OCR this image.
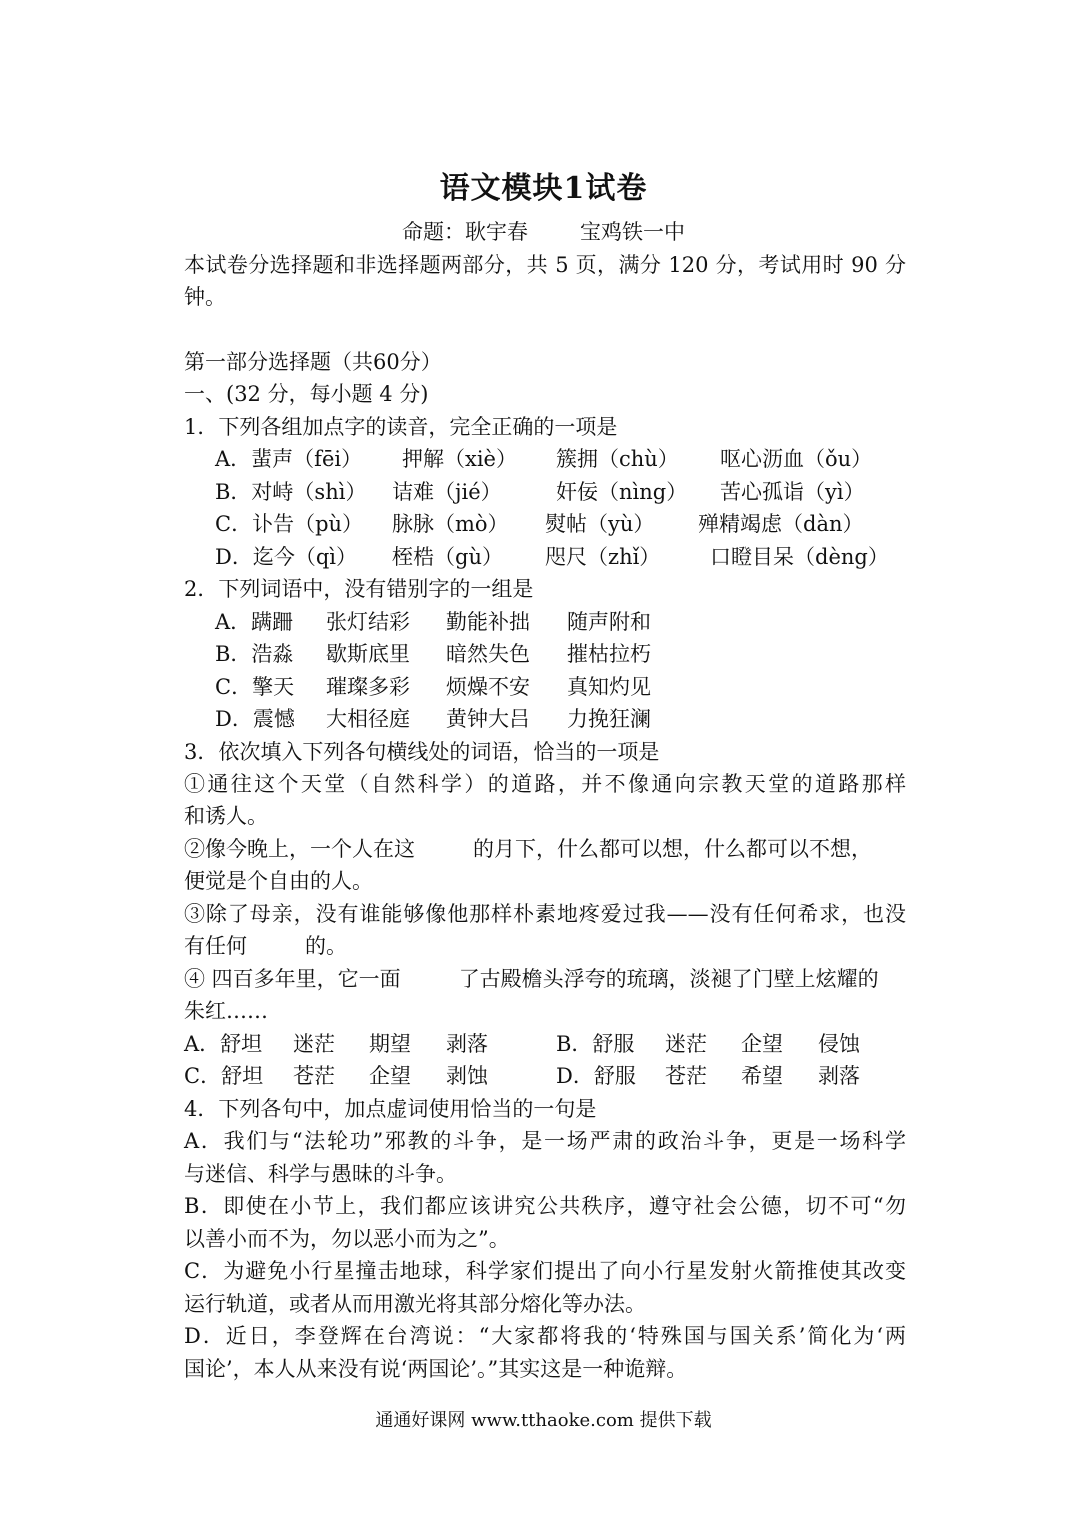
语文模块1试卷
命题：耿宇春 宝鸡铁一中
本试卷分选择题和非选择题两部分，共 5 页，满分 120 分，考试用时 90 分
钟。
第一部分选择题（共60分）
一、(32 分，每小题 4 分)
1．下列各组加点字的读音，完全正确的一项是
A．蜚声（fēi） 押解（xiè） 簇拥（chù） 呕心沥血（ǒu）
B．对峙（shì） 诘难（jié）	奸佞（nìng） 苦心孤诣（yì）
C．讣告（pù） 脉脉（mò） 熨帖（yù） 殚精竭虑（dàn）
D．迄今（qì） 桎梏（gù） 咫尺（zhǐ） 口瞪目呆（dèng）
2．下列词语中，没有错别字的一组是
A．蹒跚 张灯结彩 勤能补拙 随声附和
B．浩淼 歇斯底里 暗然失色 摧枯拉朽
C．擎天 璀璨多彩 烦燥不安 真知灼见
D．震憾 大相径庭 黄钟大吕 力挽狂澜
3．依次填入下列各句横线处的词语，恰当的一项是
①通往这个天堂（自然科学）的道路，并不像通向宗教天堂的道路那样
和诱人。
②像今晚上，一个人在这	的月下，什么都可以想，什么都可以不想，
便觉是个自由的人。
③除了母亲，没有谁能够像他那样朴素地疼爱过我——没有任何希求，也没
有任何	的。
④ 四百多年里，它一面	了古殿檐头浮夸的琉璃，淡褪了门壁上炫耀的
朱红……
A．舒坦 迷茫 期望 剥落	B．舒服 迷茫 企望 侵蚀
C．舒坦 苍茫 企望 剥蚀	D．舒服 苍茫 希望 剥落
4．下列各句中，加点虚词使用恰当的一句是
A．我们与“法轮功”邪教的斗争，是一场严肃的政治斗争，更是一场科学
与迷信、科学与愚昧的斗争。
B．即使在小节上，我们都应该讲究公共秩序，遵守社会公德，切不可“勿
以善小而不为，勿以恶小而为之”。
C．为避免小行星撞击地球，科学家们提出了向小行星发射火箭推使其改变
运行轨道，或者从而用激光将其部分熔化等办法。
D．近日，李登辉在台湾说：“大家都将我的‘特殊国与国关系’简化为‘两
国论’，本人从来没有说‘两国论’。”其实这是一种诡辩。
通通好课网 www.tthaoke.com 提供下载
